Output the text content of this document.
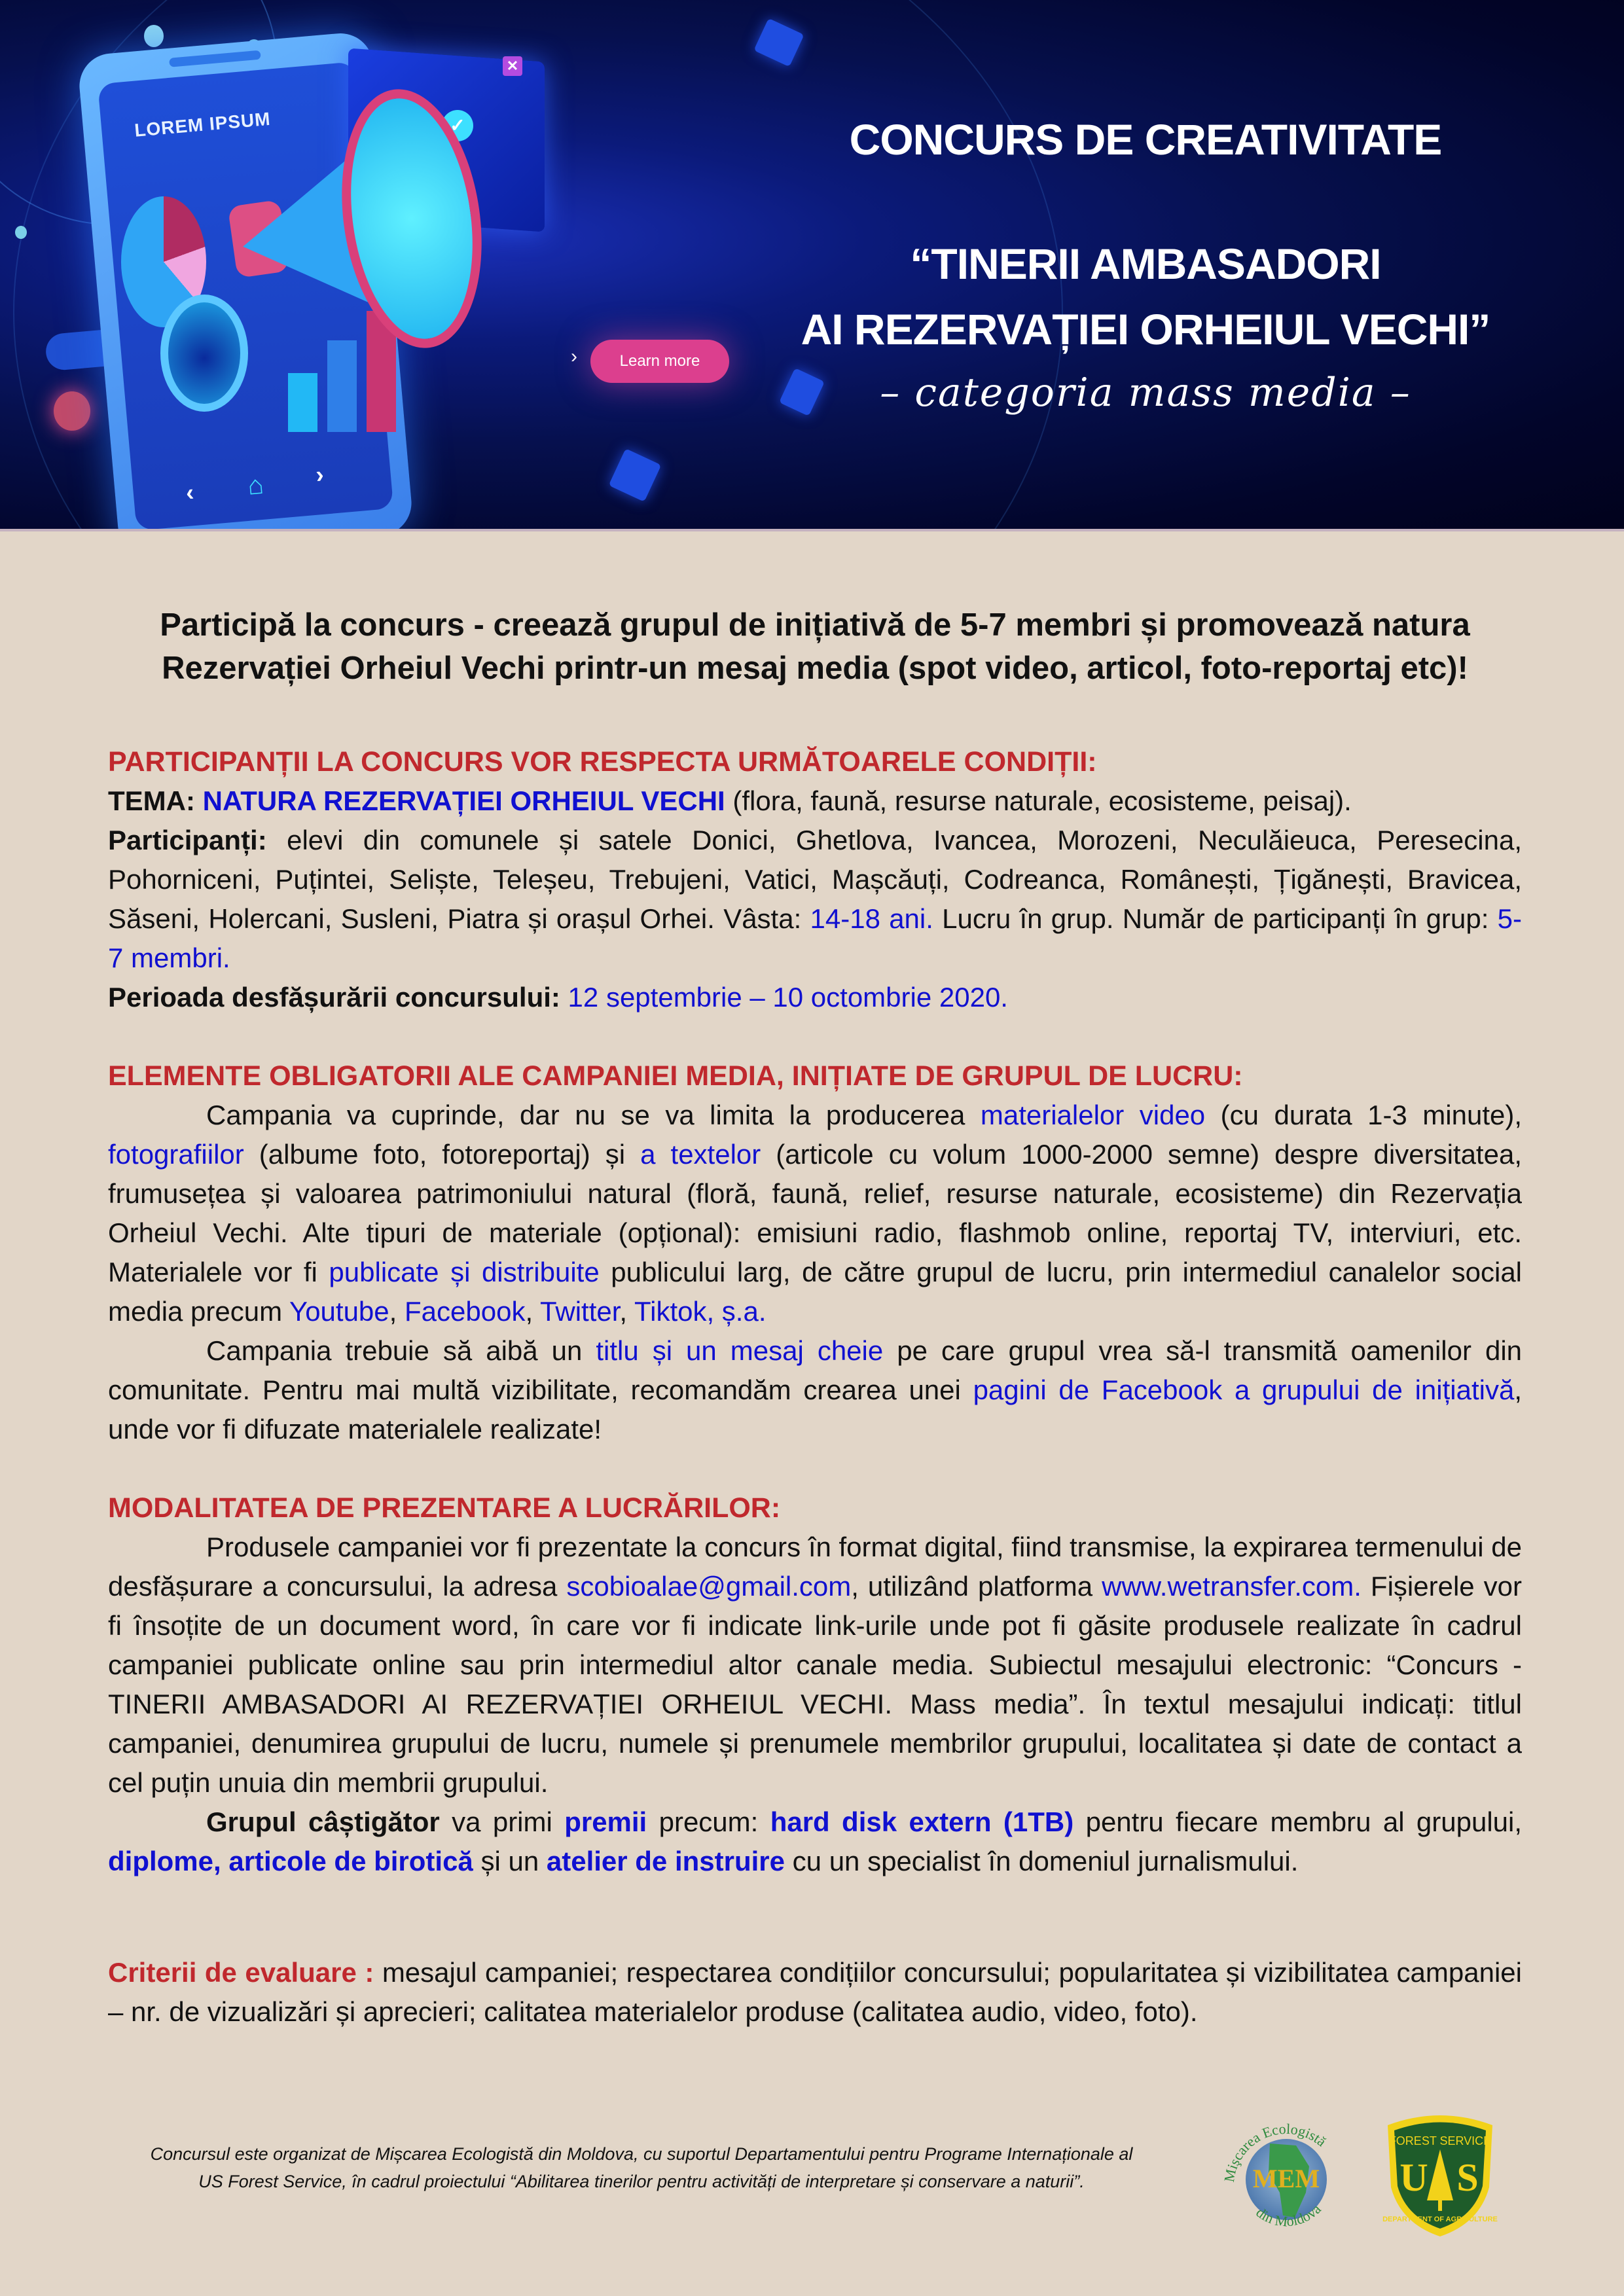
LOREM IPSUM
‹ ⌂ ›
✕
✓
›	Learn more
CONCURS DE CREATIVITATE
“TINERII AMBASADORI
AI REZERVAȚIEI ORHEIUL VECHI”
– categoria mass media –

Participă la concurs - creează grupul de inițiativă de 5-7 membri și promovează natura Rezervației Orheiul Vechi printr-un mesaj media (spot video, articol, foto-reportaj etc)!

PARTICIPANȚII LA CONCURS VOR RESPECTA URMĂTOARELE CONDIȚII:

TEMA: NATURA REZERVAȚIEI ORHEIUL VECHI (flora, faună, resurse naturale, ecosisteme, peisaj).

Participanți: elevi din comunele și satele Donici, Ghetlova, Ivancea, Morozeni, Neculăieuca, Peresecina, Pohorniceni, Puțintei, Seliște, Teleșeu, Trebujeni, Vatici, Mașcăuți, Codreanca, Românești, Țigănești, Bravicea, Săseni, Holercani, Susleni, Piatra și orașul Orhei. Vâsta: 14-18 ani. Lucru în grup. Număr de participanți în grup: 5- 7 membri.

Perioada desfășurării concursului: 12 septembrie – 10 octombrie 2020.

ELEMENTE OBLIGATORII ALE CAMPANIEI MEDIA, INIȚIATE DE GRUPUL DE LUCRU:

Campania va cuprinde, dar nu se va limita la producerea materialelor video (cu durata 1-3 minute), fotografiilor (albume foto, fotoreportaj) și a textelor (articole cu volum 1000-2000 semne) despre diversitatea, frumusețea și valoarea patrimoniului natural (floră, faună, relief, resurse naturale, ecosisteme) din Rezervația Orheiul Vechi. Alte tipuri de materiale (opțional): emisiuni radio, flashmob online, reportaj TV, interviuri, etc. Materialele vor fi publicate și distribuite publicului larg, de către grupul de lucru, prin intermediul canalelor social media precum Youtube, Facebook, Twitter, Tiktok, ș.a.

Campania trebuie să aibă un titlu și un mesaj cheie pe care grupul vrea să-l transmită oamenilor din comunitate. Pentru mai multă vizibilitate, recomandăm crearea unei pagini de Facebook a grupului de inițiativă, unde vor fi difuzate materialele realizate!

MODALITATEA DE PREZENTARE A LUCRĂRILOR:

Produsele campaniei vor fi prezentate la concurs în format digital, fiind transmise, la expirarea termenului de desfășurare a concursului, la adresa scobioalae@gmail.com, utilizând platforma www.wetransfer.com. Fișierele vor fi însoțite de un document word, în care vor fi indicate link-urile unde pot fi găsite produsele realizate în cadrul campaniei publicate online sau prin intermediul altor canale media. Subiectul mesajului electronic: “Concurs -TINERII AMBASADORI AI REZERVAȚIEI ORHEIUL VECHI. Mass media”. În textul mesajului indicați: titlul campaniei, denumirea grupului de lucru, numele și prenumele membrilor grupului, localitatea și date de contact a cel puțin unuia din membrii grupului.

Grupul câștigător va primi premii precum: hard disk extern (1TB) pentru fiecare membru al grupului, diplome, articole de birotică și un atelier de instruire cu un specialist în domeniul jurnalismului.

Criterii de evaluare : mesajul campaniei; respectarea condițiilor concursului; popularitatea și vizibilitatea campaniei – nr. de vizualizări și aprecieri; calitatea materialelor produse (calitatea audio, video, foto).

Concursul este organizat de Mișcarea Ecologistă din Moldova, cu suportul Departamentului pentru Programe Internaționale al
US Forest Service, în cadrul proiectului “Abilitarea tinerilor pentru activități de interpretare și conservare a naturii”.	MEM
Mişcarea Ecologistă
din Moldova
FOREST SERVICE
U S
DEPARTMENT OF AGRICULTURE
